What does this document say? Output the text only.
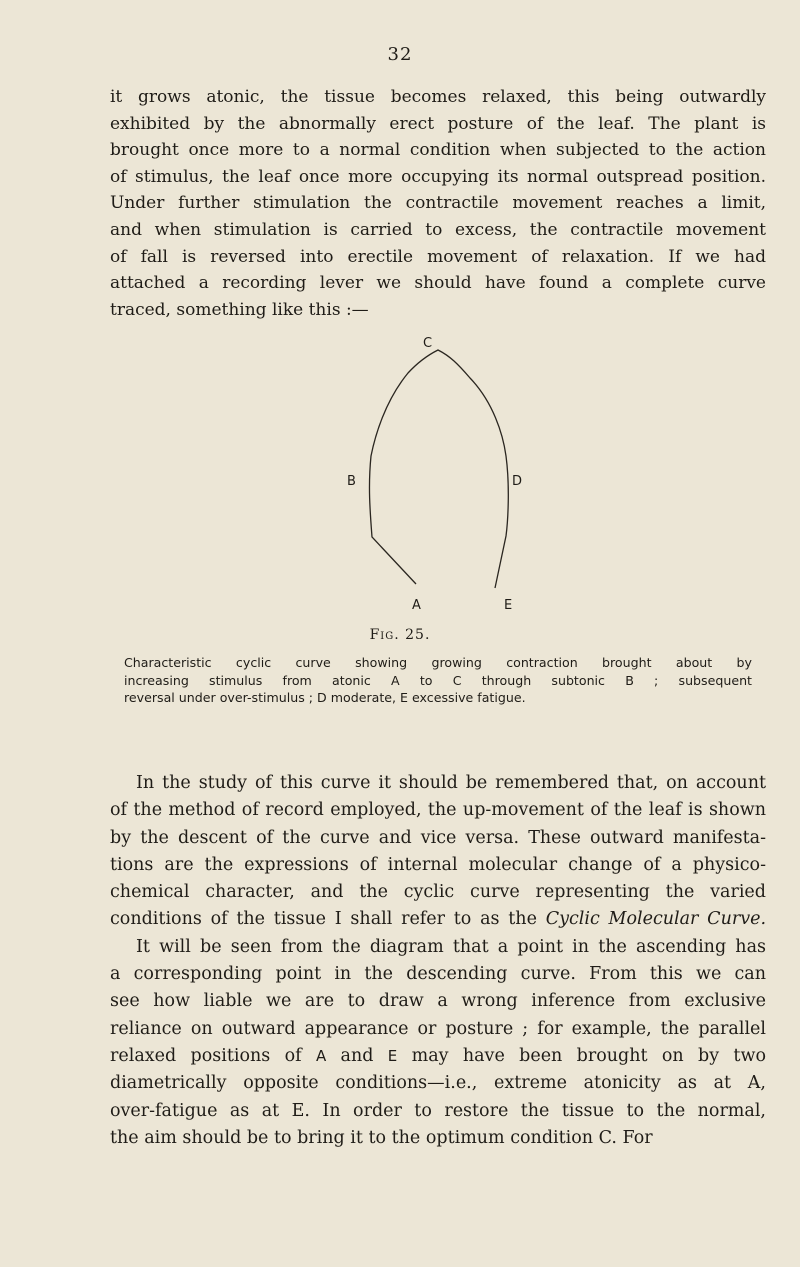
32

it grows atonic, the tissue becomes relaxed, this being outwardly
exhibited by the abnormally erect posture of the leaf. The plant is
brought once more to a normal condition when subjected to the action
of stimulus, the leaf once more occupying its normal outspread position.
Under further stimulation the contractile movement reaches a limit,
and when stimulation is carried to excess, the contractile movement
of fall is reversed into erectile movement of relaxation. If we had
attached a recording lever we should have found a complete curve
traced, something like this :—

C
B	D
A	E
Fig. 25.

Characteristic cyclic curve showing growing contraction brought about by
increasing stimulus from atonic A to C through subtonic B ; subsequent
reversal under over-stimulus ; D moderate, E excessive fatigue.

In the study of this curve it should be remembered that, on account
of the method of record employed, the up-movement of the leaf is shown
by the descent of the curve and vice versa. These outward manifesta-
tions are the expressions of internal molecular change of a physico-
chemical character, and the cyclic curve representing the varied
conditions of the tissue I shall refer to as the Cyclic Molecular Curve.
It will be seen from the diagram that a point in the ascending has
a corresponding point in the descending curve. From this we can
see how liable we are to draw a wrong inference from exclusive
reliance on outward appearance or posture ; for example, the parallel
relaxed positions of A and E may have been brought on by two
diametrically opposite conditions—i.e., extreme atonicity as at A,
over-fatigue as at E. In order to restore the tissue to the normal,
the aim should be to bring it to the optimum condition C. For
